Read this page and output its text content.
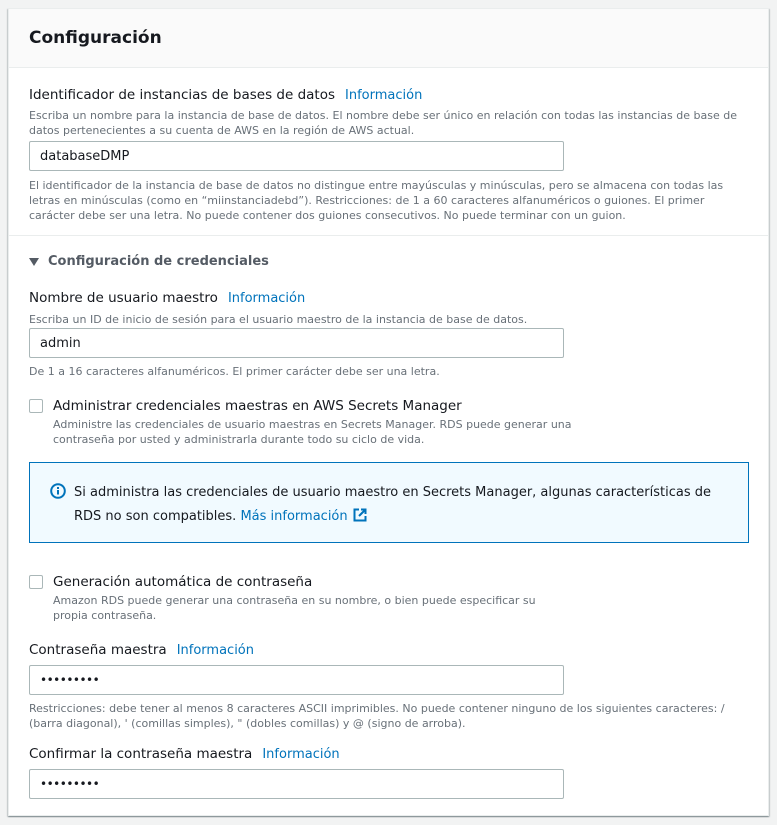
Configuración
Identificador de instancias de bases de datos Información
Escriba un nombre para la instancia de base de datos. El nombre debe ser único en relación con todas las instancias de base de datos pertenecientes a su cuenta de AWS en la región de AWS actual.
databaseDMP
El identificador de la instancia de base de datos no distingue entre mayúsculas y minúsculas, pero se almacena con todas las letras en minúsculas (como en “miinstanciadebd”). Restricciones: de 1 a 60 caracteres alfanuméricos o guiones. El primer carácter debe ser una letra. No puede contener dos guiones consecutivos. No puede terminar con un guion.
Configuración de credenciales
Nombre de usuario maestro Información
Escriba un ID de inicio de sesión para el usuario maestro de la instancia de base de datos.
admin
De 1 a 16 caracteres alfanuméricos. El primer carácter debe ser una letra.
Administrar credenciales maestras en AWS Secrets Manager
Administre las credenciales de usuario maestras en Secrets Manager. RDS puede generar una contraseña por usted y administrarla durante todo su ciclo de vida.
Si administra las credenciales de usuario maestro en Secrets Manager, algunas características de RDS no son compatibles. Más información
Generación automática de contraseña
Amazon RDS puede generar una contraseña en su nombre, o bien puede especificar su propia contraseña.
Contraseña maestra Información
•••••••••
Restricciones: debe tener al menos 8 caracteres ASCII imprimibles. No puede contener ninguno de los siguientes caracteres: / (barra diagonal), ' (comillas simples), " (dobles comillas) y @ (signo de arroba).
Confirmar la contraseña maestra Información
•••••••••
